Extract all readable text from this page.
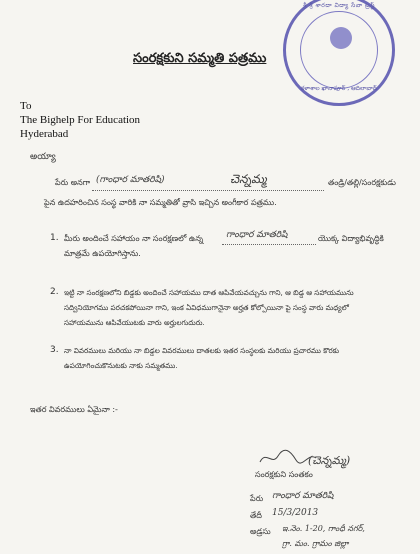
శ్రీ శ్రీ శారదా విద్యా సేవా ట్రస్ట్
కళాశాల ఖానాపూర్ , ఆదిలాబాద్
సంరక్షకుని సమ్మతి పత్రము
To
The Bighelp For Education
Hyderabad
అయ్యా
పేరు అనగా (గాంధార మాతరిషి)	చెన్నమ్మ	తండ్రి/తల్లి/సంరక్షకుడు
పైన ఉదహరించిన సంస్థ వారికి నా సమ్మతితో వ్రాసి ఇచ్చిన అంగీకార పత్రము.
1. మీరు అందించే సహాయం నా సంరక్షణలో ఉన్న	గాంధార మాతరిషి	యొక్క విద్యాభివృద్ధికి
మాత్రమే ఉపయోగిస్తాను.
2. ఇట్టి నా సంరక్షణలోని బిడ్డకు అందించే సహాయము దాత ఆపివేయవచ్చును గాని, ఆ బిడ్డ ఆ సహాయమును
సద్వినియోగము పరచకపోయినా గాని, ఇంక ఏవిధముగానైనా అర్హత కోల్పోయినా పై సంస్థ వారు మధ్యలో
సహాయమును ఆపివేయుటకు వారు అర్హులగుదురు.
3. నా వివరములు మరియు నా బిడ్డల వివరములు దాతలకు ఇతర సంస్థలకు మరియు ప్రచారము కొరకు
ఉపయోగించుకొనుటకు నాకు సమ్మతము.
ఇతర వివరములు ఏమైనా :-
(చెన్నమ్మ)
సంరక్షకుని సంతకం
పేరు గాంధార మాతరిషి
తేదీ 15/3/2013
అడ్రసు ఇ.నెం. 1-20, గాంధీ నగర్,
గ్రా. మం. గ్రామం జిల్లా
